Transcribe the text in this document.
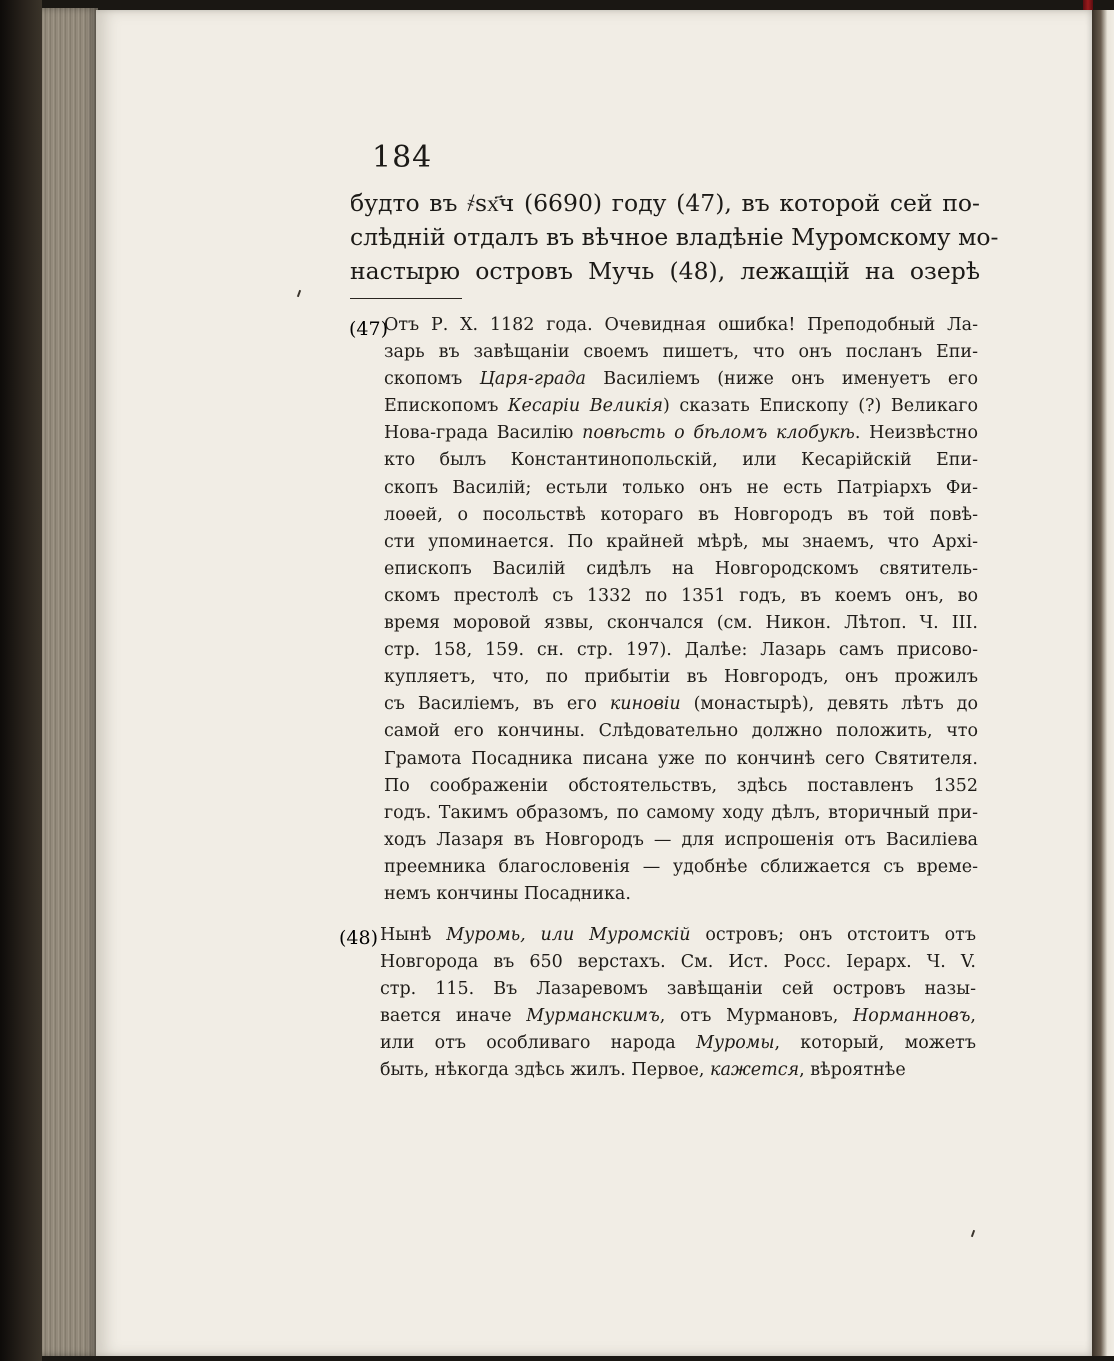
184
будто въ ҂ѕх҃ч (6690) году (47), въ которой сей по-
слѣдній отдалъ въ вѣчное владѣніе Муромскому мо-
настырю островъ Мучь (48), лежащій на озерѣ
(47)
Отъ Р. Х. 1182 года. Очевидная ошибка! Преподобный Ла-
зарь въ завѣщаніи своемъ пишетъ, что онъ посланъ Епи-
скопомъ Царя-града Василіемъ (ниже онъ именуетъ его
Епископомъ Кесаріи Великія) сказать Епископу (?) Великаго
Нова-града Василію повѣсть о бѣломъ клобукѣ. Неизвѣстно
кто былъ Константинопольскій, или Кесарійскій Епи-
скопъ Василій; естьли только онъ не есть Патріархъ Фи-
лоѳей, о посольствѣ котораго въ Новгородъ въ той повѣ-
сти упоминается. По крайней мѣрѣ, мы знаемъ, что Архі-
епископъ Василій сидѣлъ на Новгородскомъ святитель-
скомъ престолѣ съ 1332 по 1351 годъ, въ коемъ онъ, во
время моровой язвы, скончался (см. Никон. Лѣтоп. Ч. III.
стр. 158, 159. сн. стр. 197). Далѣе: Лазарь самъ присово-
купляетъ, что, по прибытіи въ Новгородъ, онъ прожилъ
съ Василіемъ, въ его киновіи (монастырѣ), девять лѣтъ до
самой его кончины. Слѣдовательно должно положить, что
Грамота Посадника писана уже по кончинѣ сего Святителя.
По соображеніи обстоятельствъ, здѣсь поставленъ 1352
годъ. Такимъ образомъ, по самому ходу дѣлъ, вторичный при-
ходъ Лазаря въ Новгородъ — для испрошенія отъ Василіева
преемника благословенія — удобнѣе сближается съ време-
немъ кончины Посадника.
(48) Нынѣ Муромь, или Муромскій островъ; онъ отстоитъ отъ
Новгорода въ 650 верстахъ. См. Ист. Росс. Iерарх. Ч. V.
стр. 115. Въ Лазаревомъ завѣщаніи сей островъ назы-
вается иначе Мурманскимъ, отъ Мурмановъ, Норманновъ,
или отъ особливаго народа Муромы, который, можетъ
быть, нѣкогда здѣсь жилъ. Первое, кажется, вѣроятнѣе
